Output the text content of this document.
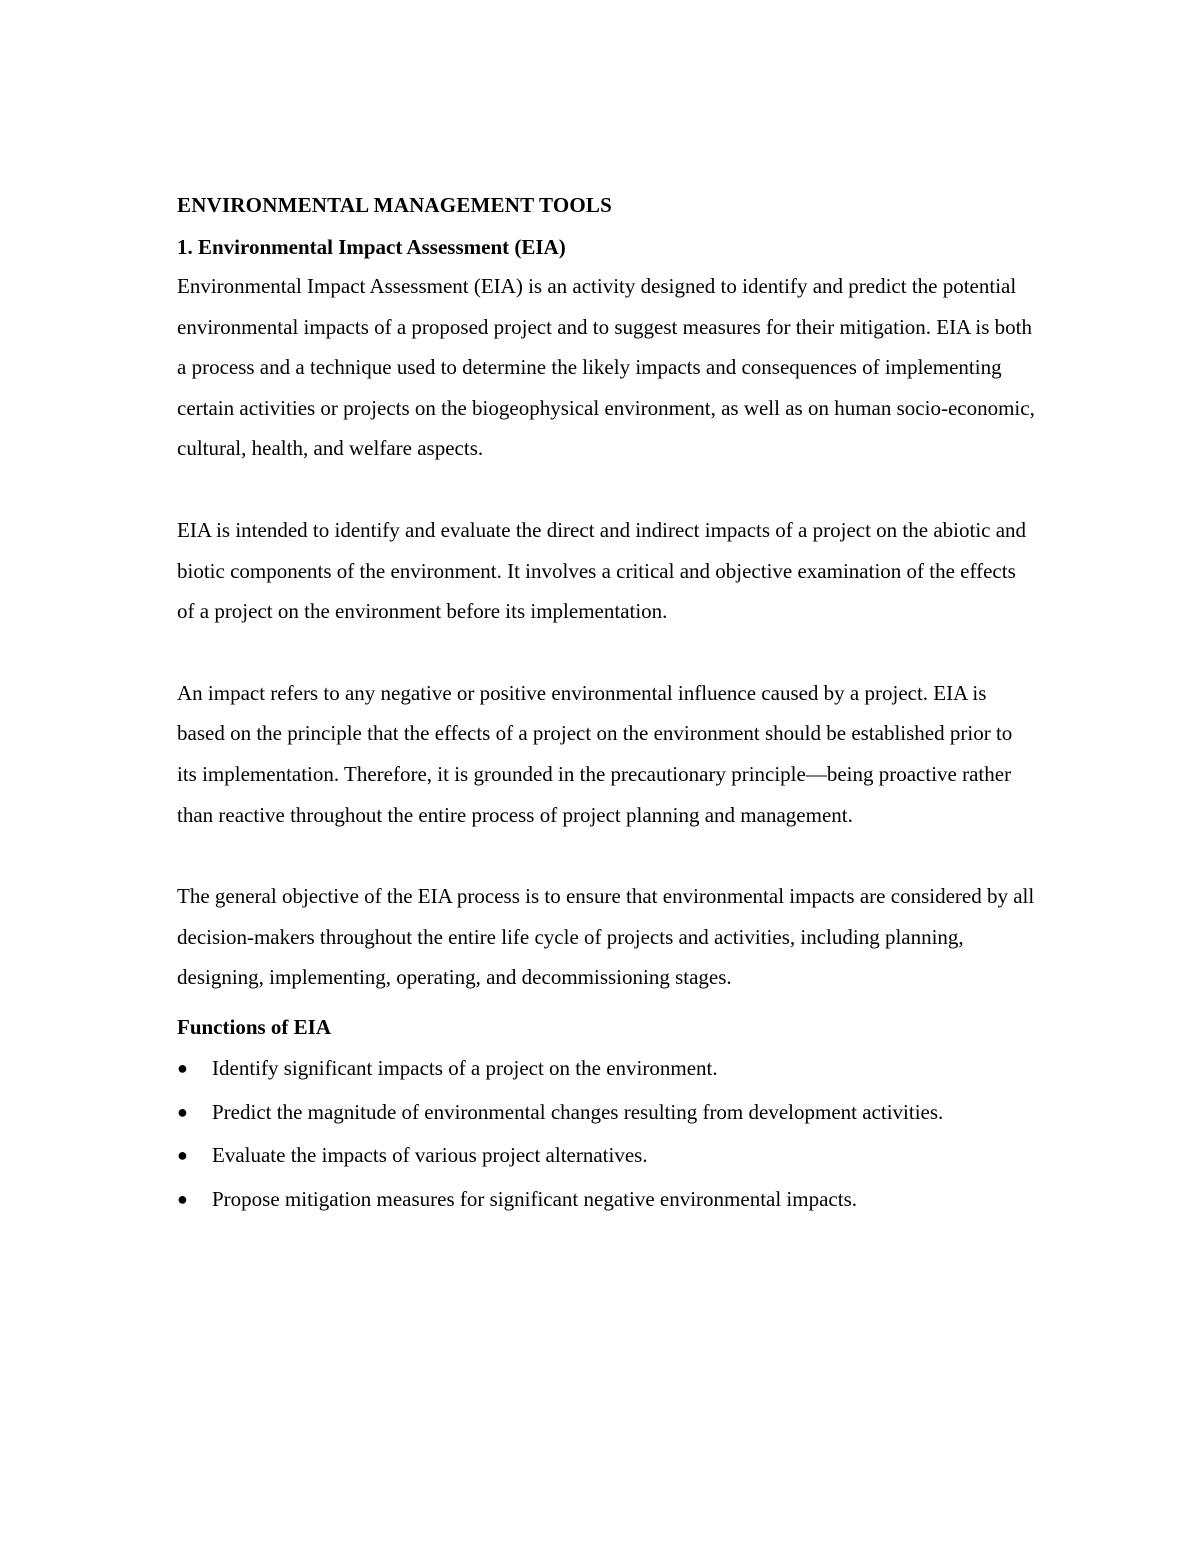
ENVIRONMENTAL MANAGEMENT TOOLS
1. Environmental Impact Assessment (EIA)

Environmental Impact Assessment (EIA) is an activity designed to identify and predict the potential environmental impacts of a proposed project and to suggest measures for their mitigation. EIA is both a process and a technique used to determine the likely impacts and consequences of implementing certain activities or projects on the biogeophysical environment, as well as on human socio-economic, cultural, health, and welfare aspects.

EIA is intended to identify and evaluate the direct and indirect impacts of a project on the abiotic and biotic components of the environment. It involves a critical and objective examination of the effects of a project on the environment before its implementation.

An impact refers to any negative or positive environmental influence caused by a project. EIA is based on the principle that the effects of a project on the environment should be established prior to its implementation. Therefore, it is grounded in the precautionary principle—being proactive rather than reactive throughout the entire process of project planning and management.

The general objective of the EIA process is to ensure that environmental impacts are considered by all decision-makers throughout the entire life cycle of projects and activities, including planning, designing, implementing, operating, and decommissioning stages.

Functions of EIA
●	Identify significant impacts of a project on the environment.
●	Predict the magnitude of environmental changes resulting from development activities.
●	Evaluate the impacts of various project alternatives.
●	Propose mitigation measures for significant negative environmental impacts.
